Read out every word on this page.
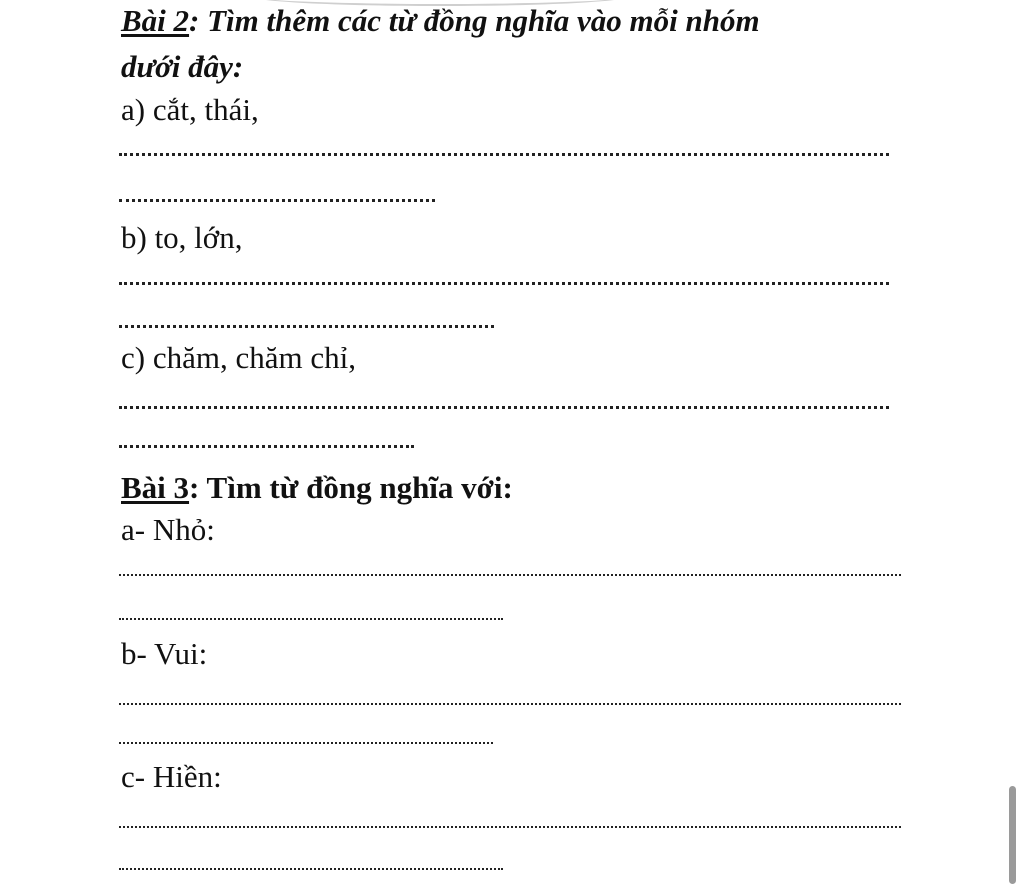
Bài 2: Tìm thêm các từ đồng nghĩa vào mỗi nhóm
dưới đây:
a) cắt, thái,
b) to, lớn,
c) chăm, chăm chỉ,
Bài 3: Tìm từ đồng nghĩa với:
a- Nhỏ:
b- Vui:
c- Hiền:
